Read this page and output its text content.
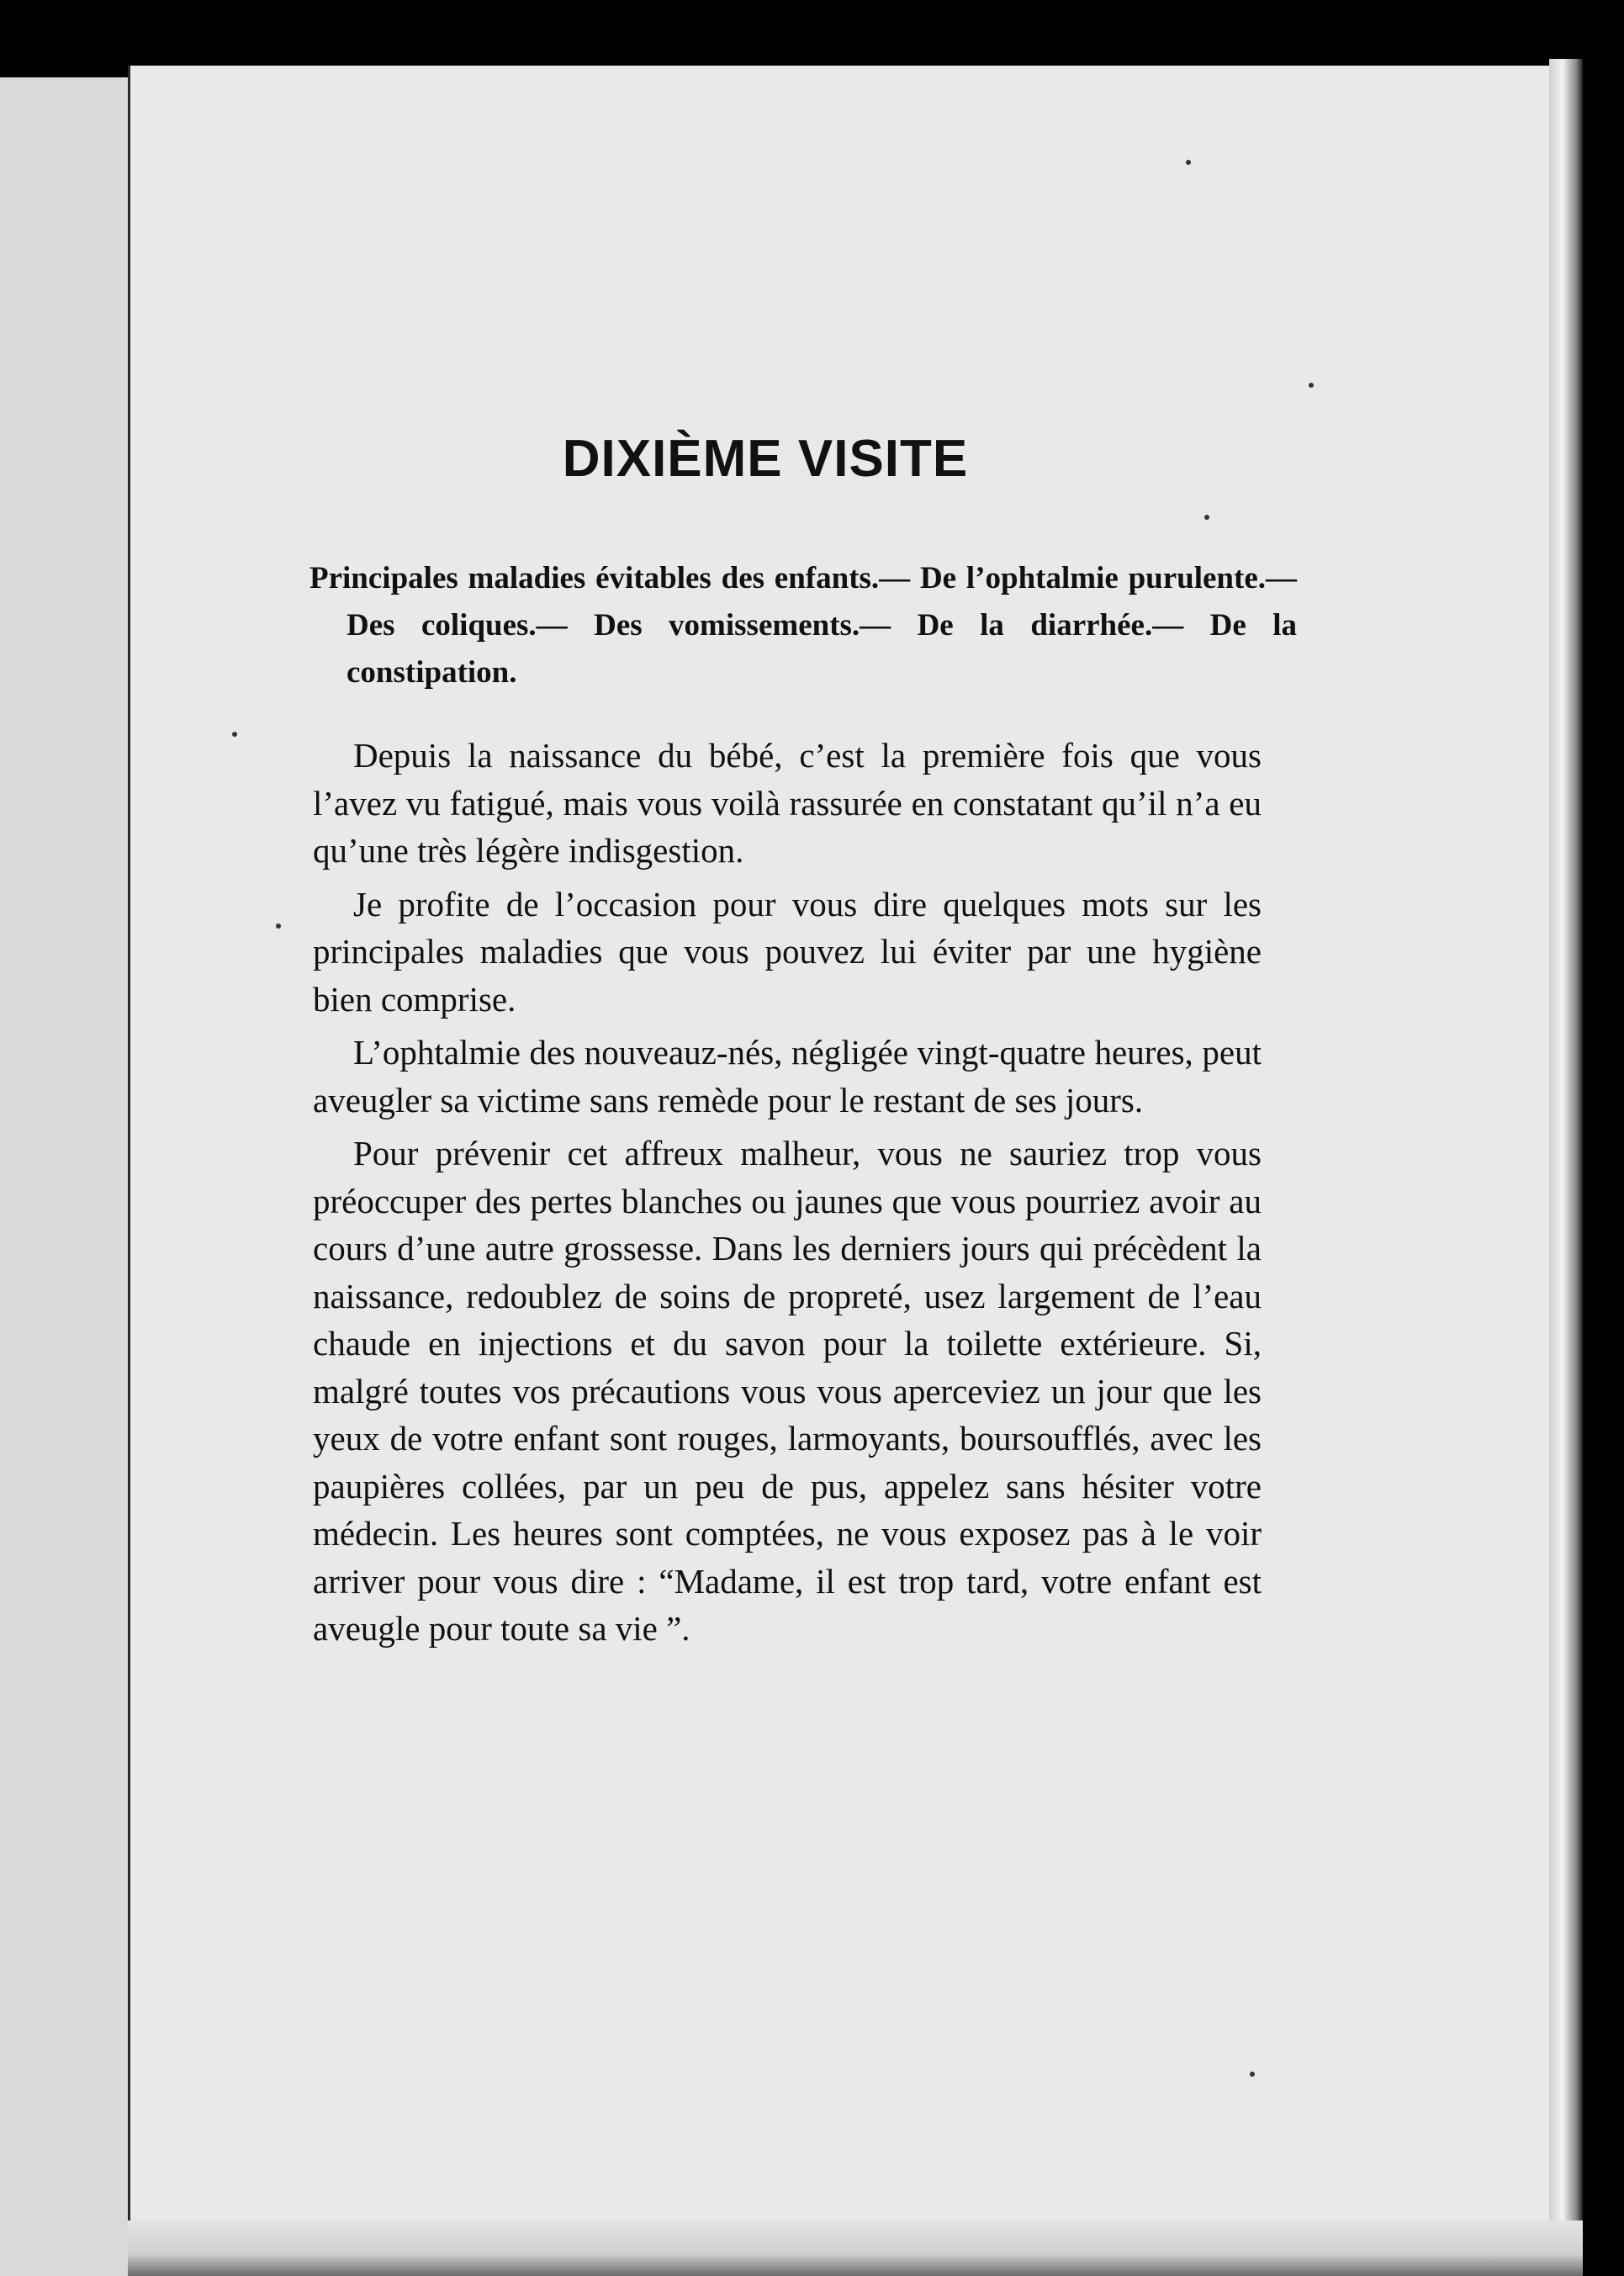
DIXIÈME VISITE

Principales maladies évitables des enfants.— De l’ophtalmie purulente.— Des coliques.— Des vomissements.— De la diarrhée.— De la constipation.

Depuis la naissance du bébé, c’est la première fois que vous l’avez vu fatigué, mais vous voilà rassurée en constatant qu’il n’a eu qu’une très légère indisgestion.

Je profite de l’occasion pour vous dire quelques mots sur les principales maladies que vous pouvez lui éviter par une hygiène bien comprise.

L’ophtalmie des nouveauz-nés, négligée vingt-quatre heures, peut aveugler sa victime sans remède pour le restant de ses jours.

Pour prévenir cet affreux malheur, vous ne sauriez trop vous préoccuper des pertes blanches ou jaunes que vous pourriez avoir au cours d’une autre grossesse. Dans les derniers jours qui précèdent la naissance, redoublez de soins de propreté, usez largement de l’eau chaude en injections et du savon pour la toilette extérieure. Si, malgré toutes vos précautions vous vous aperceviez un jour que les yeux de votre enfant sont rouges, larmoyants, boursoufflés, avec les paupières collées, par un peu de pus, appelez sans hésiter votre médecin. Les heures sont comptées, ne vous exposez pas à le voir arriver pour vous dire : “Madame, il est trop tard, votre enfant est aveugle pour toute sa vie ”.
